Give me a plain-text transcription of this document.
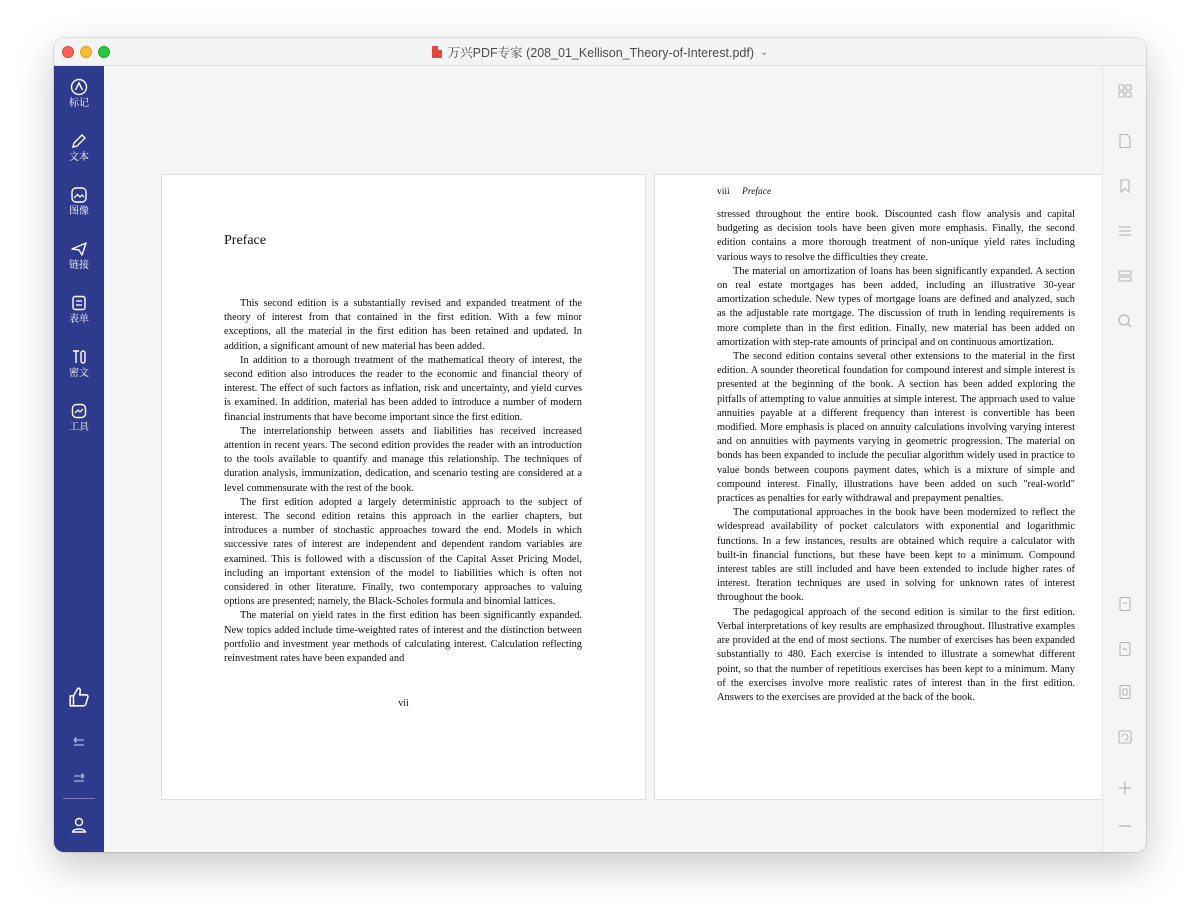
万兴PDF专家 (208_01_Kellison_Theory-of-Interest.pdf) ⌄
标记
文本
图像
链接
表单
密文
工具
Preface

This second edition is a substantially revised and expanded treatment of the theory of interest from that contained in the first edition. With a few minor exceptions, all the material in the first edition has been retained and updated. In addition, a significant amount of new material has been added.

In addition to a thorough treatment of the mathematical theory of interest, the second edition also introduces the reader to the economic and financial theory of interest. The effect of such factors as inflation, risk and uncertainty, and yield curves is examined. In addition, material has been added to introduce a number of modern financial instruments that have become important since the first edition.

The interrelationship between assets and liabilities has received increased attention in recent years. The second edition provides the reader with an introduction to the tools available to quantify and manage this relationship. The techniques of duration analysis, immunization, dedication, and scenario testing are considered at a level commensurate with the rest of the book.

The first edition adopted a largely deterministic approach to the subject of interest. The second edition retains this approach in the earlier chapters, but introduces a number of stochastic approaches toward the end. Models in which successive rates of interest are independent and dependent random variables are examined. This is followed with a discussion of the Capital Asset Pricing Model, including an important extension of the model to liabilities which is often not considered in other literature. Finally, two contemporary approaches to valuing options are presented; namely, the Black-Scholes formula and binomial lattices.

The material on yield rates in the first edition has been significantly expanded. New topics added include time-weighted rates of interest and the distinction between portfolio and investment year methods of calculating interest. Calculation reflecting reinvestment rates have been expanded and

vii
viii Preface

stressed throughout the entire book. Discounted cash flow analysis and capital budgeting as decision tools have been given more emphasis. Finally, the second edition contains a more thorough treatment of non-unique yield rates including various ways to resolve the difficulties they create.

The material on amortization of loans has been significantly expanded. A section on real estate mortgages has been added, including an illustrative 30-year amortization schedule. New types of mortgage loans are defined and analyzed, such as the adjustable rate mortgage. The discussion of truth in lending requirements is more complete than in the first edition. Finally, new material has been added on amortization with step-rate amounts of principal and on continuous amortization.

The second edition contains several other extensions to the material in the first edition. A sounder theoretical foundation for compound interest and simple interest is presented at the beginning of the book. A section has been added exploring the pitfalls of attempting to value annuities at simple interest. The approach used to value annuities payable at a different frequency than interest is convertible has been modified. More emphasis is placed on annuity calculations involving varying interest and on annuities with payments varying in geometric progression. The material on bonds has been expanded to include the peculiar algorithm widely used in practice to value bonds between coupons payment dates, which is a mixture of simple and compound interest. Finally, illustrations have been added on such "real-world" practices as penalties for early withdrawal and prepayment penalties.

The computational approaches in the book have been modernized to reflect the widespread availability of pocket calculators with exponential and logarithmic functions. In a few instances, results are obtained which require a calculator with built-in financial functions, but these have been kept to a minimum. Compound interest tables are still included and have been extended to include higher rates of interest. Iteration techniques are used in solving for unknown rates of interest throughout the book.

The pedagogical approach of the second edition is similar to the first edition. Verbal interpretations of key results are emphasized throughout. Illustrative examples are provided at the end of most sections. The number of exercises has been expanded substantially to 480. Each exercise is intended to illustrate a somewhat different point, so that the number of repetitious exercises has been kept to a minimum. Many of the exercises involve more realistic rates of interest than in the first edition. Answers to the exercises are provided at the back of the book.
